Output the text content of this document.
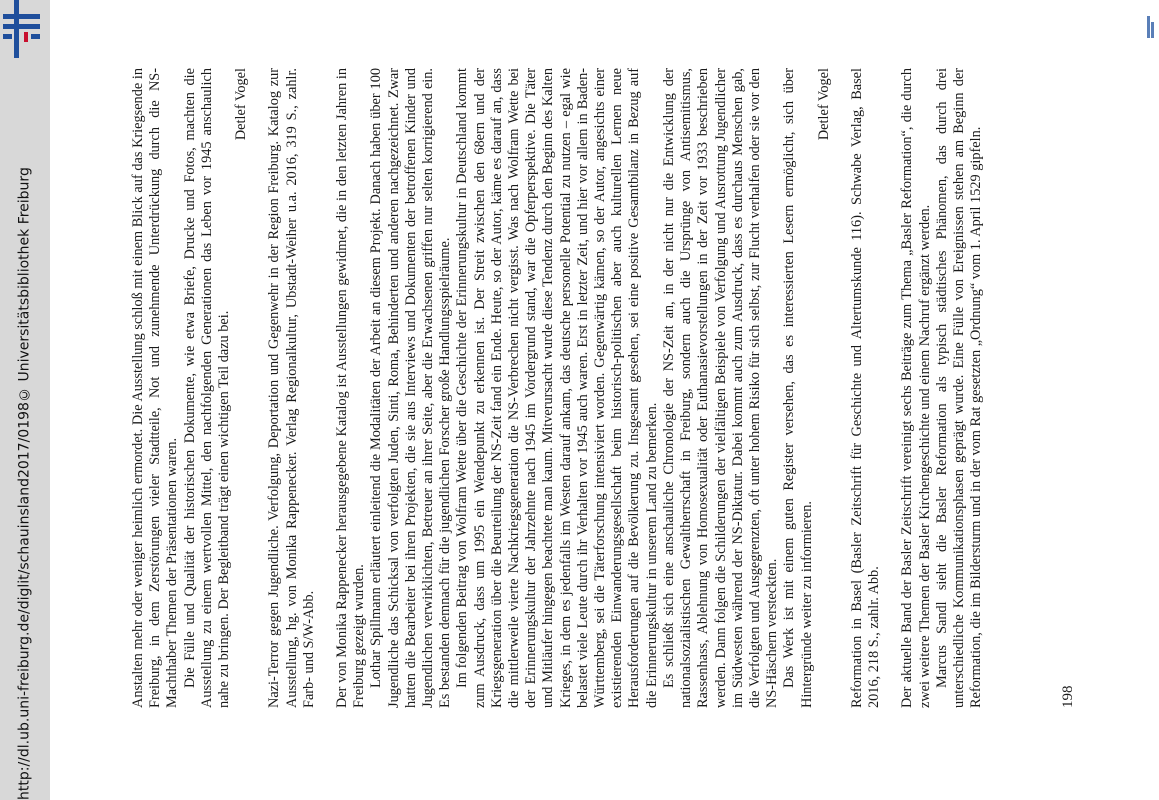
http://dl.ub.uni-freiburg.de/diglit/schauinsland2017/0198
© Universitätsbibliothek Freiburg	Anstalten mehr oder weniger heimlich ermordet. Die Ausstellung schloß mit einem Blick auf das Kriegsende in Freiburg, in dem Zerstörungen vieler Stadtteile, Not und zunehmende Unterdrückung durch die NS-Machthaber Themen der Präsentationen waren. Die Fülle und Qualität der historischen Dokumente, wie etwa Briefe, Drucke und Fotos, machten die Ausstellung zu einem wertvollen Mittel, den nachfolgenden Generationen das Leben vor 1945 anschaulich nahe zu bringen. Der Begleitband trägt einen wichtigen Teil dazu bei.

Detlef Vogel Nazi-Terror gegen Jugendliche. Verfolgung, Deportation und Gegenwehr in der Region Freiburg. Katalog zur Ausstellung, hg. von Monika Rappenecker. Verlag Regionalkultur, Ubstadt-Weiher u.a. 2016, 319 S., zahlr. Farb- und S/W-Abb. Der von Monika Rappenecker herausgegebene Katalog ist Ausstellungen gewidmet, die in den letzten Jahren in Freiburg gezeigt wurden. Lothar Spillmann erläutert einleitend die Modalitäten der Arbeit an diesem Projekt. Danach haben über 100 Jugendliche das Schicksal von verfolgten Juden, Sinti, Roma, Behinderten und anderen nachgezeichnet. Zwar hatten die Bearbeiter bei ihren Projekten, die sie aus Interviews und Dokumenten der betroffenen Kinder und Jugendlichen verwirklichten, Betreuer an ihrer Seite, aber die Erwachsenen griffen nur selten korrigierend ein. Es bestanden demnach für die jugendlichen Forscher große Handlungsspielräume. Im folgenden Beitrag von Wolfram Wette über die Geschichte der Erinnerungskultur in Deutschland kommt zum Ausdruck, dass um 1995 ein Wendepunkt zu erkennen ist. Der Streit zwischen den 68ern und der Kriegsgeneration über die Beurteilung der NS-Zeit fand ein Ende. Heute, so der Autor, käme es darauf an, dass die mittlerweile vierte Nachkriegsgeneration die NS-Verbrechen nicht vergisst. Was nach Wolfram Wette bei der Erinnerungskultur der Jahrzehnte nach 1945 im Vordergrund stand, war die Opferperspektive. Die Täter und Mitläufer hingegen beachtete man kaum. Mitverursacht wurde diese Tendenz durch den Beginn des Kalten Krieges, in dem es jedenfalls im Westen darauf ankam, das deutsche personelle Potential zu nutzen – egal wie belastet viele Leute durch ihr Verhalten vor 1945 auch waren. Erst in letzter Zeit, und hier vor allem in Baden-Württemberg, sei die Täterforschung intensiviert worden. Gegenwärtig kämen, so der Autor, angesichts einer existierenden Einwanderungsgesellschaft beim historisch-politischen aber auch kulturellen Lernen neue Herausforderungen auf die Bevölkerung zu. Insgesamt gesehen, sei eine positive Gesamtbilanz in Bezug auf die Erinnerungskultur in unserem Land zu bemerken. Es schließt sich eine anschauliche Chronologie der NS-Zeit an, in der nicht nur die Entwicklung der nationalsozialistischen Gewaltherrschaft in Freiburg, sondern auch die Ursprünge von Antisemitismus, Rassenhass, Ablehnung von Homosexualität oder Euthanasievorstellungen in der Zeit vor 1933 beschrieben werden. Dann folgen die Schilderungen der vielfältigen Beispiele von Verfolgung und Ausrottung Jugendlicher im Südwesten während der NS-Diktatur. Dabei kommt auch zum Ausdruck, dass es durchaus Menschen gab, die Verfolgten und Ausgegrenzten, oft unter hohem Risiko für sich selbst, zur Flucht verhalfen oder sie vor den NS-Häschern versteckten. Das Werk ist mit einem guten Register versehen, das es interessierten Lesern ermöglicht, sich über Hintergründe weiter zu informieren.

Detlef Vogel Reformation in Basel (Basler Zeitschrift für Geschichte und Altertumskunde 116). Schwabe Verlag, Basel 2016, 218 S., zahlr. Abb. Der aktuelle Band der Basler Zeitschrift vereinigt sechs Beiträge zum Thema „Basler Reformation“, die durch zwei weitere Themen der Basler Kirchengeschichte und einem Nachruf ergänzt werden. Marcus Sandl sieht die Basler Reformation als typisch städtisches Phänomen, das durch drei unterschiedliche Kommunikationsphasen geprägt wurde. Eine Fülle von Ereignissen stehen am Beginn der Reformation, die im Bildersturm und in der vom Rat gesetzten „Ordnung“ vom 1. April 1529 gipfeln.	198
